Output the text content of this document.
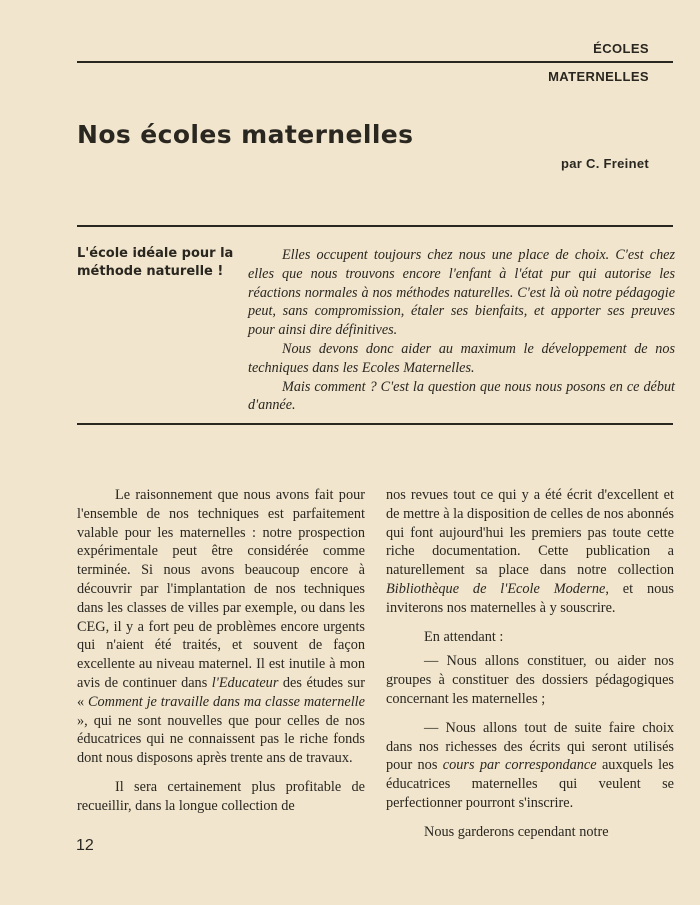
ÉCOLES
MATERNELLES
Nos écoles maternelles
par C. Freinet
L'école idéale pour la méthode naturelle !

Elles occupent toujours chez nous une place de choix. C'est chez elles que nous trouvons encore l'enfant à l'état pur qui autorise les réactions normales à nos méthodes naturelles. C'est là où notre pédagogie peut, sans compromission, étaler ses bienfaits, et apporter ses preuves pour ainsi dire définitives.

Nous devons donc aider au maximum le développement de nos techniques dans les Ecoles Maternelles.

Mais comment ? C'est la question que nous nous posons en ce début d'année.

Le raisonnement que nous avons fait pour l'ensemble de nos techniques est parfaitement valable pour les maternelles : notre prospection expérimentale peut être considérée comme terminée. Si nous avons beaucoup encore à découvrir par l'implantation de nos techniques dans les classes de villes par exemple, ou dans les CEG, il y a fort peu de problèmes encore urgents qui n'aient été traités, et souvent de façon excellente au niveau maternel. Il est inutile à mon avis de continuer dans l'Educateur des études sur « Comment je travaille dans ma classe maternelle », qui ne sont nouvelles que pour celles de nos éducatrices qui ne connaissent pas le riche fonds dont nous disposons après trente ans de travaux.

Il sera certainement plus profitable de recueillir, dans la longue collection de

nos revues tout ce qui y a été écrit d'excellent et de mettre à la disposition de celles de nos abonnés qui font aujourd'hui les premiers pas toute cette riche documentation. Cette publication a naturellement sa place dans notre collection Bibliothèque de l'Ecole Moderne, et nous inviterons nos maternelles à y souscrire.

En attendant :

— Nous allons constituer, ou aider nos groupes à constituer des dossiers pédagogiques concernant les maternelles ;

— Nous allons tout de suite faire choix dans nos richesses des écrits qui seront utilisés pour nos cours par correspondance auxquels les éducatrices maternelles qui veulent se perfectionner pourront s'inscrire.

Nous garderons cependant notre

12
